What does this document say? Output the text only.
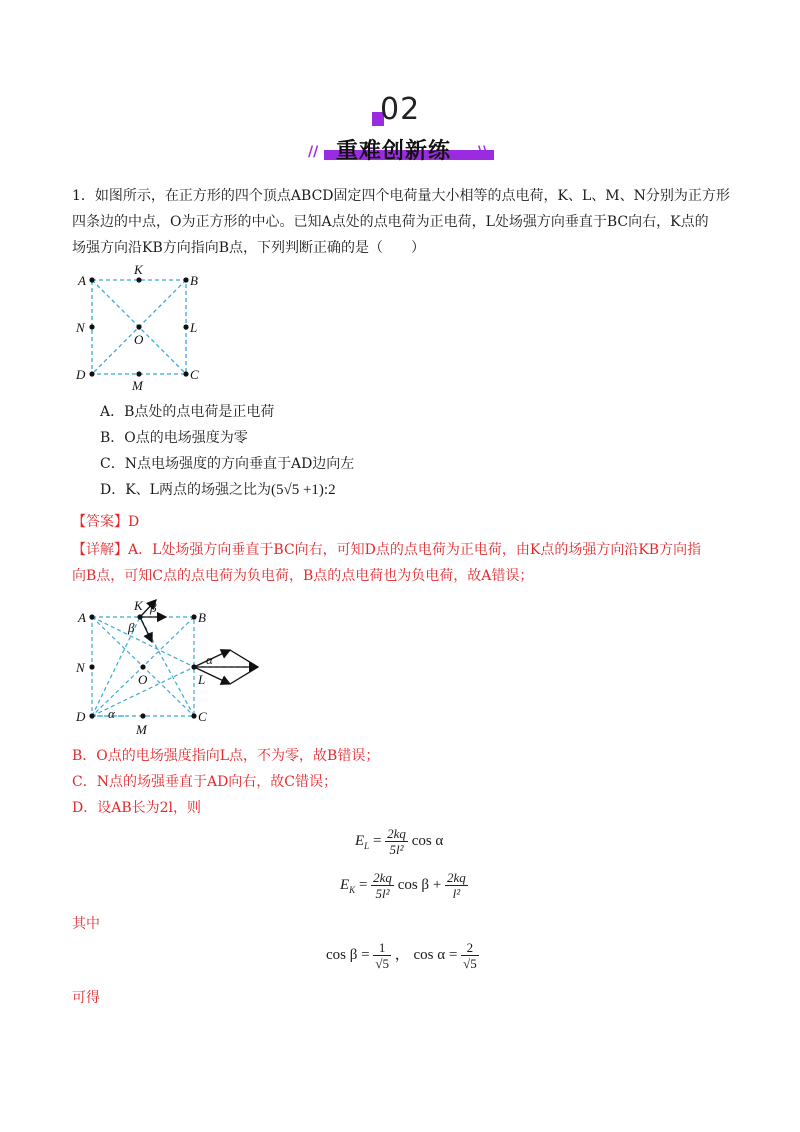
02
//	\\
重难创新练
1．如图所示，在正方形的四个顶点ABCD固定四个电荷量大小相等的点电荷，K、L、M、N分别为正方形
四条边的中点，O为正方形的中心。已知A点处的点电荷为正电荷，L处场强方向垂直于BC向右，K点的
场强方向沿KB方向指向B点，下列判断正确的是（　　）
A
K
B
N
O
L
D
M
C
A．B点处的点电荷是正电荷
B．O点的电场强度为零
C．N点电场强度的方向垂直于AD边向左
D．K、L两点的场强之比为(5√5 +1):2
【答案】D
【详解】A．L处场强方向垂直于BC向右，可知D点的点电荷为正电荷，由K点的场强方向沿KB方向指
向B点，可知C点的点电荷为负电荷，B点的点电荷也为负电荷，故A错误；
A
K β
β
B
N
O
α
L
D α
M
C
B．O点的电场强度指向L点，不为零，故B错误；
C．N点的场强垂直于AD向右，故C错误；
D．设AB长为2l，则
$E_L = \frac{2kq}{\text{5l²}}$ cos α
$E_K = \frac{2kq}{\text{5l²}}$ $\cos \beta + \frac{2kq}{\text{l²}}$
其中
$\cos \beta = \frac{1}{√5}$ ， $\cos \alpha = \frac{2}{√5}$
可得
